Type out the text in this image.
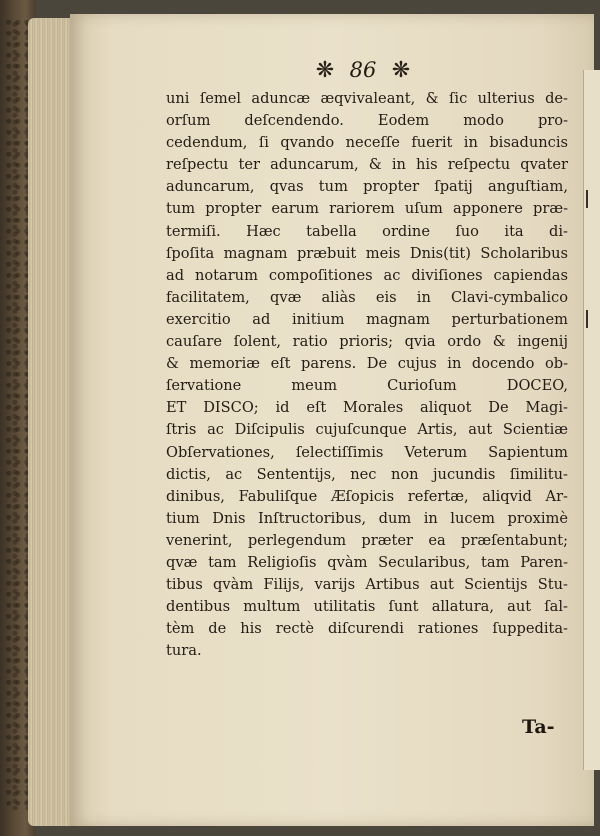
❋ 86 ❋
uni ſemel aduncæ æqvivaleant, & ſic ulterius de-
orſum deſcendendo. Eodem modo pro-
cedendum, ſi qvando neceſſe fuerit in bisaduncis
reſpectu ter aduncarum, & in his reſpectu qvater
aduncarum, qvas tum propter ſpatij anguſtiam,
tum propter earum rariorem uſum apponere præ-
termiſi. Hæc tabella ordine ſuo ita di-
ſpoſita magnam præbuit meis Dnis(tit) Scholaribus
ad notarum compoſitiones ac diviſiones capiendas
facilitatem, qvæ aliàs eis in Clavi-cymbalico
exercitio ad initium magnam perturbationem
cauſare ſolent, ratio prioris; qvia ordo & ingenij
& memoriæ eſt parens. De cujus in docendo ob-
ſervatione meum Curioſum DOCEO,
ET DISCO; id eſt Morales aliquot De Magi-
ſtris ac Diſcipulis cujuſcunque Artis, aut Scientiæ
Obſervationes, ſelectiſſimis Veterum Sapientum
dictis, ac Sententijs, nec non jucundis ſimilitu-
dinibus, Fabuliſque Æſopicis refertæ, aliqvid Ar-
tium Dnis Inſtructoribus, dum in lucem proximè
venerint, perlegendum præter ea præſentabunt;
qvæ tam Religioſis qvàm Secularibus, tam Paren-
tibus qvàm Filijs, varijs Artibus aut Scientijs Stu-
dentibus multum utilitatis ſunt allatura, aut ſal-
tèm de his rectè diſcurendi rationes ſuppedita-
tura.
Ta-
